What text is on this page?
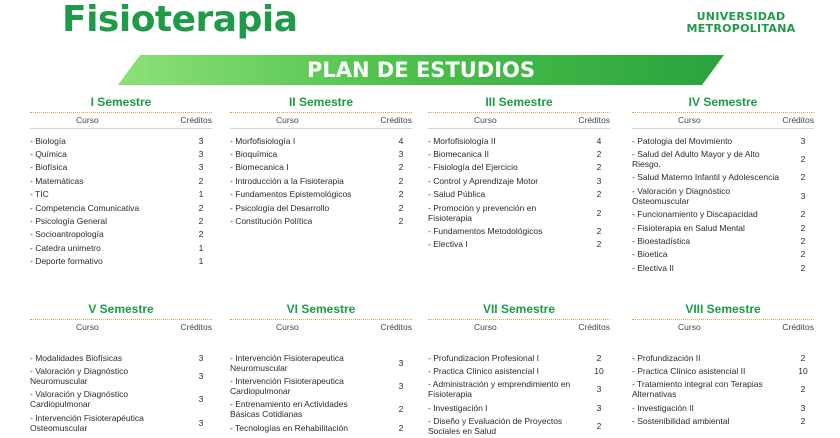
Fisioterapia	UNIVERSIDAD
METROPOLITANA
PLAN DE ESTUDIOS
I Semestre
Curso	Créditos
- Biología	3
- Química	3
- Biofísica	3
- Matemáticas	2
- TIC	1
- Competencia Comunicativa	2
- Psicología General	2
- Socioantropología	2
- Catedra unimetro	1
- Deporte formativo	1
II Semestre
Curso	Créditos
- Morfofisiología I	4
- Bioquímica	3
- Biomecanica I	2
- Introducción a la Fisioterapia	2
- Fundamentos Epistemológicos	2
- Psicología del Desarrollo	2
- Constitución Política	2
III Semestre
Curso	Créditos
- Morfofisiología II	4
- Biomecanica II	2
- Fisiología del Ejercicio	2
- Control y Aprendizaje Motor	3
- Salud Pública	2
- Promoción y prevención en Fisioterapia	2
- Fundamentos Metodológicos	2
- Electiva I	2
IV Semestre
Curso	Créditos
- Patologia del Movimiento	3
- Salud del Adulto Mayor y de Alto Riesgo.	2
- Salud Materno Infantil y Adolescencia	2
- Valoración y Diagnóstico Osteomuscular	3
- Funcionamiento y Discapacidad	2
- Fisioterapia en Salud Mental	2
- Bioestadística	2
- Bioetica	2
- Electiva II	2
V Semestre
Curso	Créditos
- Modalidades Biofísicas	3
- Valoración y Diagnóstico Neuromuscular	3
- Valoración y Diagnóstico Cardiopulmonar	3
- Intervención Fisioterapéutica Osteomuscular	3
VI Semestre
Curso	Créditos
- Intervención Fisioterapeutica Neuromuscular	3
- Intervención Fisioterapeutica Cardiopulmonar	3
- Entrenamiento en Actividades Básicas Cotidianas	2
- Tecnologías en Rehabilitación	2
VII Semestre
Curso	Créditos
- Profundizacion Profesional I	2
- Practica Clínico asistencial I	10
- Administración y emprendimiento en Fisioterapia	3
- Investigación I	3
- Diseño y Evaluación de Proyectos Sociales en Salud	2
VIII Semestre
Curso	Créditos
- Profundización II	2
- Practica Clínico asistencial II	10
- Tratamiento integral con Terapias Alternativas	2
- Investigación II	3
- Sostenibilidad ambiental	2
